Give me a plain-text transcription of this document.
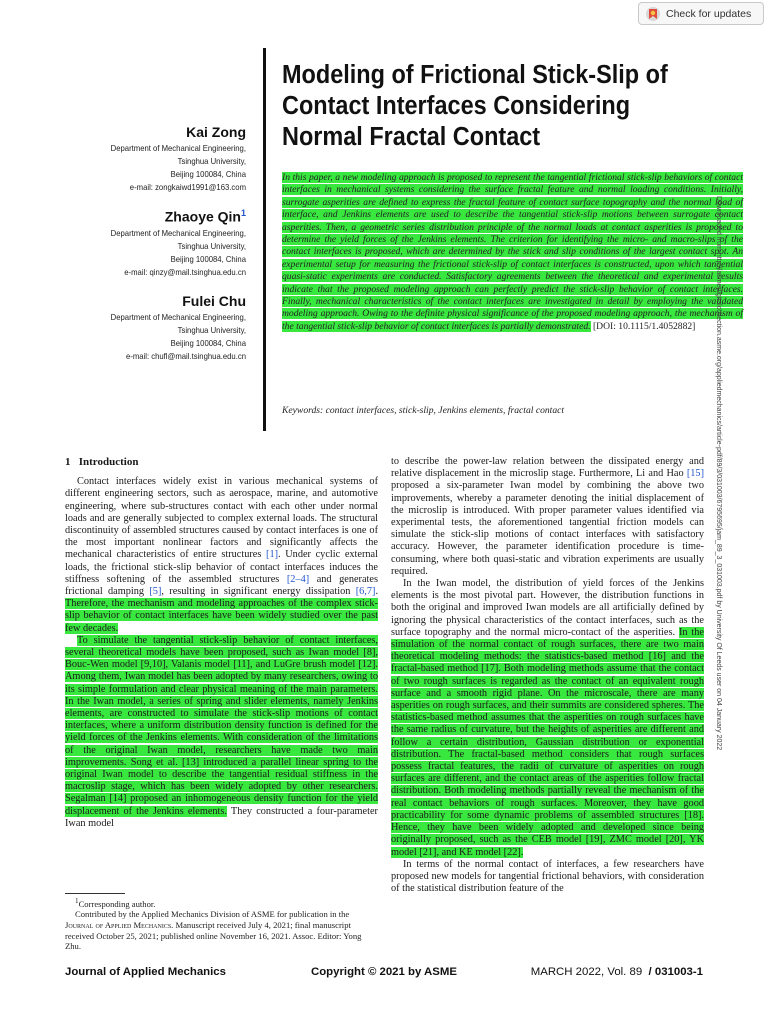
Check for updates
Kai Zong
Department of Mechanical Engineering,
Tsinghua University,
Beijing 100084, China
e-mail: zongkaiwd1991@163.com
Zhaoye Qin$^1$
Department of Mechanical Engineering,
Tsinghua University,
Beijing 100084, China
e-mail: qinzy@mail.tsinghua.edu.cn
Fulei Chu
Department of Mechanical Engineering,
Tsinghua University,
Beijing 100084, China
e-mail: chufl@mail.tsinghua.edu.cn
Modeling of Frictional Stick-Slip of Contact Interfaces Considering Normal Fractal Contact
In this paper, a new modeling approach is proposed to represent the tangential frictional stick-slip behaviors of contact interfaces in mechanical systems considering the surface fractal feature and normal loading conditions. Initially, surrogate asperities are defined to express the fractal feature of contact surface topography and the normal load of interface, and Jenkins elements are used to describe the tangential stick-slip motions between surrogate contact asperities. Then, a geometric series distribution principle of the normal loads at contact asperities is proposed to determine the yield forces of the Jenkins elements. The criterion for identifying the micro- and macro-slips of the contact interfaces is proposed, which are determined by the stick and slip conditions of the largest contact spot. An experimental setup for measuring the frictional stick-slip of contact interfaces is constructed, upon which tangential quasi-static experiments are conducted. Satisfactory agreements between the theoretical and experimental results indicate that the proposed modeling approach can perfectly predict the stick-slip behavior of contact interfaces. Finally, mechanical characteristics of the contact interfaces are investigated in detail by employing the validated modeling approach. Owing to the definite physical significance of the proposed modeling approach, the mechanism of the tangential stick-slip behavior of contact interfaces is partially demonstrated. [DOI: 10.1115/1.4052882]
Keywords: contact interfaces, stick-slip, Jenkins elements, fractal contact	Downloaded from http://asmedigitalcollection.asme.org/appliedmechanics/article-pdf/89/3/031003/6795695/jam_89_3_031003.pdf by University Of Leeds user on 04 January 2022
1 Introduction

Contact interfaces widely exist in various mechanical systems of different engineering sectors, such as aerospace, marine, and automotive engineering, where sub-structures contact with each other under normal loads and are generally subjected to complex external loads. The structural discontinuity of assembled structures caused by contact interfaces is one of the most important nonlinear factors and significantly affects the mechanical characteristics of entire structures [1]. Under cyclic external loads, the frictional stick-slip behavior of contact interfaces induces the stiffness softening of the assembled structures [2–4] and generates frictional damping [5], resulting in significant energy dissipation [6,7]. Therefore, the mechanism and modeling approaches of the complex stick-slip behavior of contact interfaces have been widely studied over the past few decades.

To simulate the tangential stick-slip behavior of contact interfaces, several theoretical models have been proposed, such as Iwan model [8], Bouc-Wen model [9,10], Valanis model [11], and LuGre brush model [12]. Among them, Iwan model has been adopted by many researchers, owing to its simple formulation and clear physical meaning of the main parameters. In the Iwan model, a series of spring and slider elements, namely Jenkins elements, are constructed to simulate the stick-slip motions of contact interfaces, where a uniform distribution density function is defined for the yield forces of the Jenkins elements. With consideration of the limitations of the original Iwan model, researchers have made two main improvements. Song et al. [13] introduced a parallel linear spring to the original Iwan model to describe the tangential residual stiffness in the macroslip stage, which has been widely adopted by other researchers. Segalman [14] proposed an inhomogeneous density function for the yield displacement of the Jenkins elements. They constructed a four-parameter Iwan model

to describe the power-law relation between the dissipated energy and relative displacement in the microslip stage. Furthermore, Li and Hao [15] proposed a six-parameter Iwan model by combining the above two improvements, whereby a parameter denoting the initial displacement of the microslip is introduced. With proper parameter values identified via experimental tests, the aforementioned tangential friction models can simulate the stick-slip motions of contact interfaces with satisfactory accuracy. However, the parameter identification procedure is time-consuming, where both quasi-static and vibration experiments are usually required.

In the Iwan model, the distribution of yield forces of the Jenkins elements is the most pivotal part. However, the distribution functions in both the original and improved Iwan models are all artificially defined by ignoring the physical characteristics of the contact interfaces, such as the surface topography and the normal micro-contact of the asperities. In the simulation of the normal contact of rough surfaces, there are two main theoretical modeling methods: the statistics-based method [16] and the fractal-based method [17]. Both modeling methods assume that the contact of two rough surfaces is regarded as the contact of an equivalent rough surface and a smooth rigid plane. On the microscale, there are many asperities on rough surfaces, and their summits are considered spheres. The statistics-based method assumes that the asperities on rough surfaces have the same radius of curvature, but the heights of asperities are different and follow a certain distribution, Gaussian distribution or exponential distribution. The fractal-based method considers that rough surfaces possess fractal features, the radii of curvature of asperities on rough surfaces are different, and the contact areas of the asperities follow fractal distribution. Both modeling methods partially reveal the mechanism of the real contact behaviors of rough surfaces. Moreover, they have good practicability for some dynamic problems of assembled structures [18]. Hence, they have been widely adopted and developed since being originally proposed, such as the CEB model [19], ZMC model [20], YK model [21], and KE model [22].

In terms of the normal contact of interfaces, a few researchers have proposed new models for tangential frictional behaviors, with consideration of the statistical distribution feature of the

$^1$Corresponding author.

Contributed by the Applied Mechanics Division of ASME for publication in the Journal of Applied Mechanics. Manuscript received July 4, 2021; final manuscript received October 25, 2021; published online November 16, 2021. Assoc. Editor: Yong Zhu.

Journal of Applied Mechanics	Copyright © 2021 by ASME	MARCH 2022, Vol. 89 / 031003-1
